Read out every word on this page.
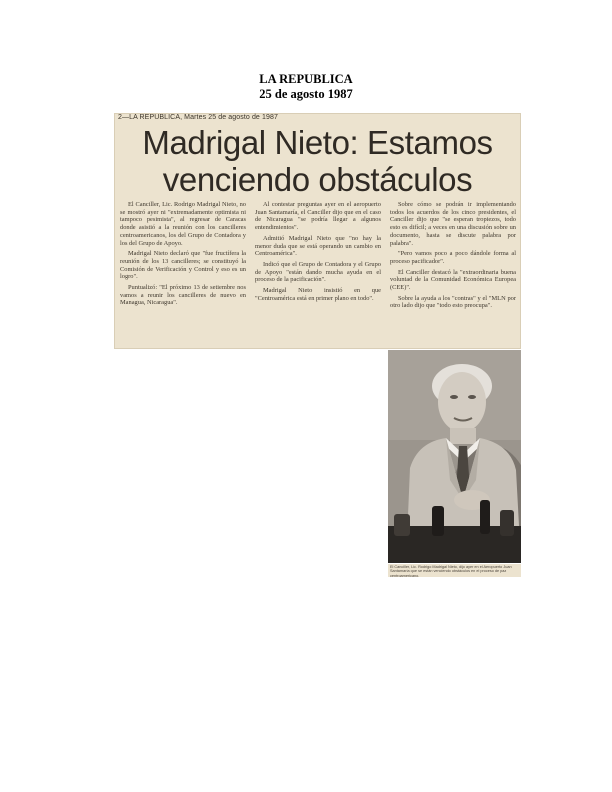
LA REPUBLICA
25 de agosto 1987
2—LA REPUBLICA, Martes 25 de agosto de 1987
Madrigal Nieto: Estamos
venciendo obstáculos

El Canciller, Lic. Rodrigo Madrigal Nieto, no se mostró ayer ni "extremadamente optimista ni tampoco pesimista", al regresar de Caracas donde asistió a la reunión con los cancilleres centroamericanos, los del Grupo de Contadora y los del Grupo de Apoyo.

Madrigal Nieto declaró que "fue fructífera la reunión de los 13 cancilleres; se constituyó la Comisión de Verificación y Control y eso es un logro".

Puntualizó: "El próximo 13 de setiembre nos vamos a reunir los cancilleres de nuevo en Managua, Nicaragua".

Al contestar preguntas ayer en el aeropuerto Juan Santamaría, el Canciller dijo que en el caso de Nicaragua "se podría llegar a algunos entendimientos".

Admitió Madrigal Nieto que "no hay la menor duda que se está operando un cambio en Centroamérica".

Indicó que el Grupo de Contadora y el Grupo de Apoyo "están dando mucha ayuda en el proceso de la pacificación".

Madrigal Nieto insistió en que "Centroamérica está en primer plano en todo".

Sobre cómo se podrán ir implementando todos los acuerdos de los cinco presidentes, el Canciller dijo que "se esperan tropiezos, todo esto es difícil; a veces en una discusión sobre un documento, hasta se discute palabra por palabra".

"Pero vamos poco a poco dándole forma al proceso pacificador".

El Canciller destacó la "extraordinaria buena voluntad de la Comunidad Económica Europea (CEE)".

Sobre la ayuda a los "contras" y el "MLN por otro lado dijo que "todo esto preocupa".

El Canciller, Lic. Rodrigo Madrigal Nieto, dijo ayer en el Aeropuerto Juan Santamaría que se están venciendo obstáculos en el proceso de paz centroamericano.
